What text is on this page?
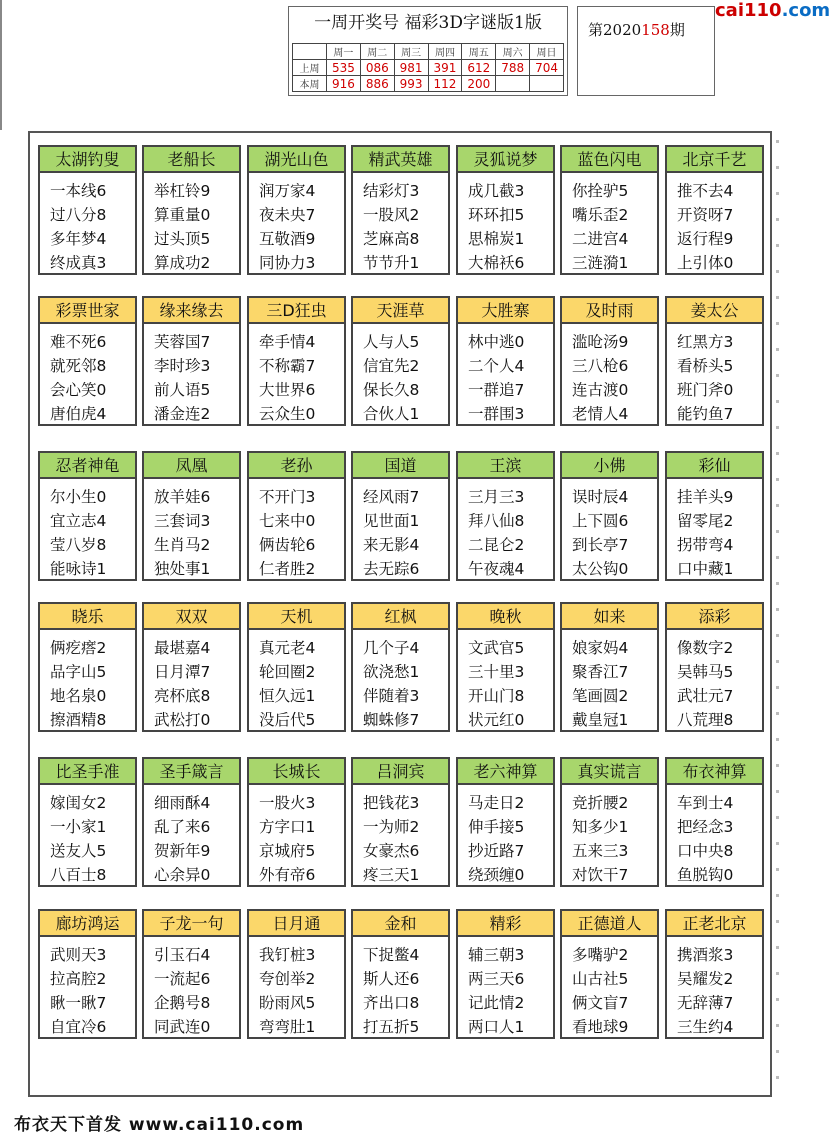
一周开奖号 福彩3D字谜版1版
	周一	周二	周三	周四	周五	周六	周日
上周	535	086	981	391	612	788	704
本周	916	886	993	112	200		
第2020158期
cai110.com
太湖钓叟
一本线6
过八分8
多年梦4
终成真3
老船长
举杠铃9
算重量0
过头顶5
算成功2
湖光山色
润万家4
夜未央7
互敬酒9
同协力3
精武英雄
结彩灯3
一股风2
芝麻高8
节节升1
灵狐说梦
成几截3
环环扣5
思棉炭1
大棉袄6
蓝色闪电
你拴驴5
嘴乐歪2
二进宫4
三涟漪1
北京千艺
推不去4
开资呀7
返行程9
上引体0
彩票世家
难不死6
就死邻8
会心笑0
唐伯虎4
缘来缘去
芙蓉国7
李时珍3
前人语5
潘金连2
三D狂虫
牵手情4
不称霸7
大世界6
云众生0
天涯草
人与人5
信宜先2
保长久8
合伙人1
大胜寨
林中逃0
二个人4
一群追7
一群围3
及时雨
滥呛汤9
三八枪6
连古渡0
老情人4
姜太公
红黑方3
看桥头5
班门斧0
能钓鱼7
忍者神龟
尔小生0
宜立志4
莹八岁8
能咏诗1
凤凰
放羊娃6
三套词3
生肖马2
独处事1
老孙
不开门3
七来中0
俩齿轮6
仁者胜2
国道
经风雨7
见世面1
来无影4
去无踪6
王滨
三月三3
拜八仙8
二昆仑2
午夜魂4
小佛
误时辰4
上下圆6
到长亭7
太公钩0
彩仙
挂羊头9
留零尾2
拐带弯4
口中藏1
晓乐
俩疙瘩2
品字山5
地名泉0
擦酒精8
双双
最堪嘉4
日月潭7
亮杯底8
武松打0
天机
真元老4
轮回圈2
恒久远1
没后代5
红枫
几个子4
欲浇愁1
伴随着3
蜘蛛修7
晚秋
文武官5
三十里3
开山门8
状元红0
如来
娘家妈4
聚香江7
笔画圆2
戴皇冠1
添彩
像数字2
吴韩马5
武壮元7
八荒理8
比圣手准
嫁闺女2
一小家1
送友人5
八百士8
圣手箴言
细雨酥4
乱了来6
贺新年9
心余异0
长城长
一股火3
方字口1
京城府5
外有帝6
吕洞宾
把钱花3
一为师2
女豪杰6
疼三天1
老六神算
马走日2
伸手接5
抄近路7
绕颈缠0
真实谎言
竞折腰2
知多少1
五来三3
对饮干7
布衣神算
车到士4
把经念3
口中央8
鱼脱钩0
廊坊鸿运
武则天3
拉高腔2
瞅一瞅7
自宜冷6
子龙一句
引玉石4
一流起6
企鹅号8
同武连0
日月通
我钉桩3
夸创举2
盼雨风5
弯弯肚1
金和
下捉鳖4
斯人还6
齐出口8
打五折5
精彩
辅三朝3
两三天6
记此情2
两口人1
正德道人
多嘴驴2
山古社5
俩文盲7
看地球9
正老北京
携酒浆3
吴耀发2
无辞薄7
三生约4
布衣天下首发 www.cai110.com
